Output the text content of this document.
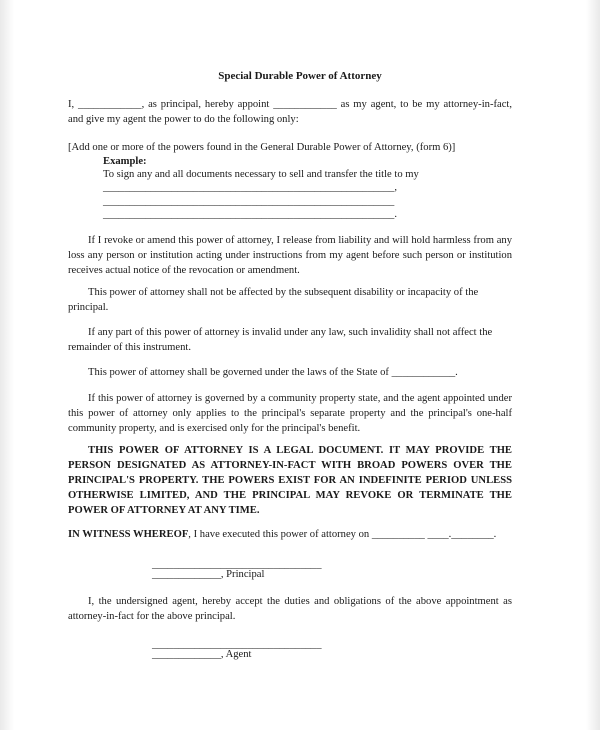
Special Durable Power of Attorney
I, ____________, as principal, hereby appoint ____________ as my agent, to be my attorney-in-fact, and give my agent the power to do the following only:
[Add one or more of the powers found in the General Durable Power of Attorney, (form 6)]
Example:
To sign any and all documents necessary to sell and transfer the title to my
_______________________________________________________,
_______________________________________________________
_______________________________________________________.
If I revoke or amend this power of attorney, I release from liability and will hold harmless from any loss any person or institution acting under instructions from my agent before such person or institution receives actual notice of the revocation or amendment.
This power of attorney shall not be affected by the subsequent disability or incapacity of the principal.
If any part of this power of attorney is invalid under any law, such invalidity shall not affect the remainder of this instrument.
This power of attorney shall be governed under the laws of the State of ____________.
If this power of attorney is governed by a community property state, and the agent appointed under this power of attorney only applies to the principal's separate property and the principal's one-half community property, and is exercised only for the principal's benefit.
THIS POWER OF ATTORNEY IS A LEGAL DOCUMENT. IT MAY PROVIDE THE PERSON DESIGNATED AS ATTORNEY-IN-FACT WITH BROAD POWERS OVER THE PRINCIPAL'S PROPERTY. THE POWERS EXIST FOR AN INDEFINITE PERIOD UNLESS OTHERWISE LIMITED, AND THE PRINCIPAL MAY REVOKE OR TERMINATE THE POWER OF ATTORNEY AT ANY TIME.
IN WITNESS WHEREOF, I have executed this power of attorney on __________ ____.________.
________________________________
_____________, Principal
I, the undersigned agent, hereby accept the duties and obligations of the above appointment as attorney-in-fact for the above principal.
________________________________
_____________, Agent
